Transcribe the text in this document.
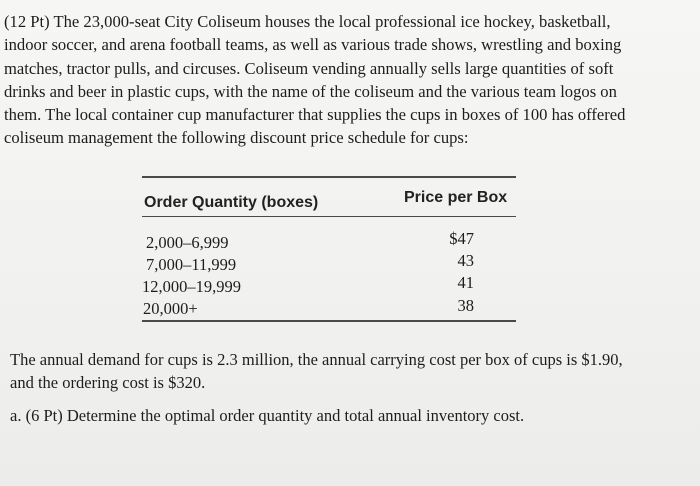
(12 Pt) The 23,000-seat City Coliseum houses the local professional ice hockey, basketball,
indoor soccer, and arena football teams, as well as various trade shows, wrestling and boxing
matches, tractor pulls, and circuses. Coliseum vending annually sells large quantities of soft
drinks and beer in plastic cups, with the name of the coliseum and the various team logos on
them. The local container cup manufacturer that supplies the cups in boxes of 100 has offered
coliseum management the following discount price schedule for cups:
Order Quantity (boxes)	Price per Box
2,000–6,999	$47
7,000–11,999	43
12,000–19,999	41
20,000+	38
The annual demand for cups is 2.3 million, the annual carrying cost per box of cups is $1.90,
and the ordering cost is $320.
a. (6 Pt) Determine the optimal order quantity and total annual inventory cost.
